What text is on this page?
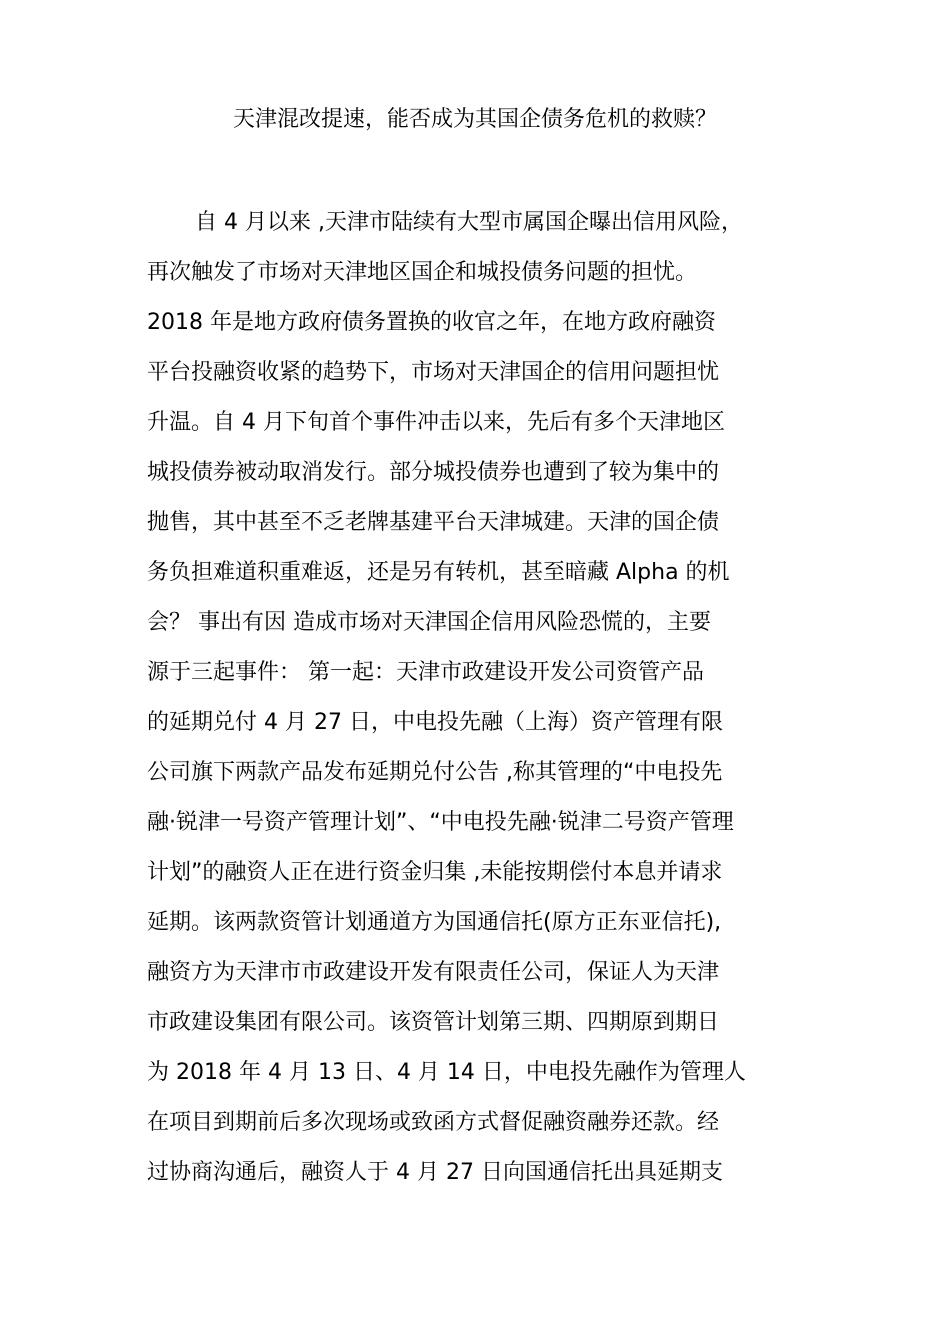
天津混改提速，能否成为其国企债务危机的救赎？
自 4 月以来 ,天津市陆续有大型市属国企曝出信用风险，
再次触发了市场对天津地区国企和城投债务问题的担忧。
2018 年是地方政府债务置换的收官之年，在地方政府融资
平台投融资收紧的趋势下，市场对天津国企的信用问题担忧
升温。自 4 月下旬首个事件冲击以来，先后有多个天津地区
城投债券被动取消发行。部分城投债券也遭到了较为集中的
抛售，其中甚至不乏老牌基建平台天津城建。天津的国企债
务负担难道积重难返，还是另有转机，甚至暗藏 Alpha 的机
会？ 事出有因 造成市场对天津国企信用风险恐慌的，主要
源于三起事件： 第一起：天津市政建设开发公司资管产品
的延期兑付 4 月 27 日，中电投先融（上海）资产管理有限
公司旗下两款产品发布延期兑付公告 ,称其管理的“中电投先
融·锐津一号资产管理计划”、“中电投先融·锐津二号资产管理
计划”的融资人正在进行资金归集 ,未能按期偿付本息并请求
延期。该两款资管计划通道方为国通信托(原方正东亚信托),
融资方为天津市市政建设开发有限责任公司，保证人为天津
市政建设集团有限公司。该资管计划第三期、四期原到期日
为 2018 年 4 月 13 日、4 月 14 日，中电投先融作为管理人
在项目到期前后多次现场或致函方式督促融资融券还款。经
过协商沟通后，融资人于 4 月 27 日向国通信托出具延期支
